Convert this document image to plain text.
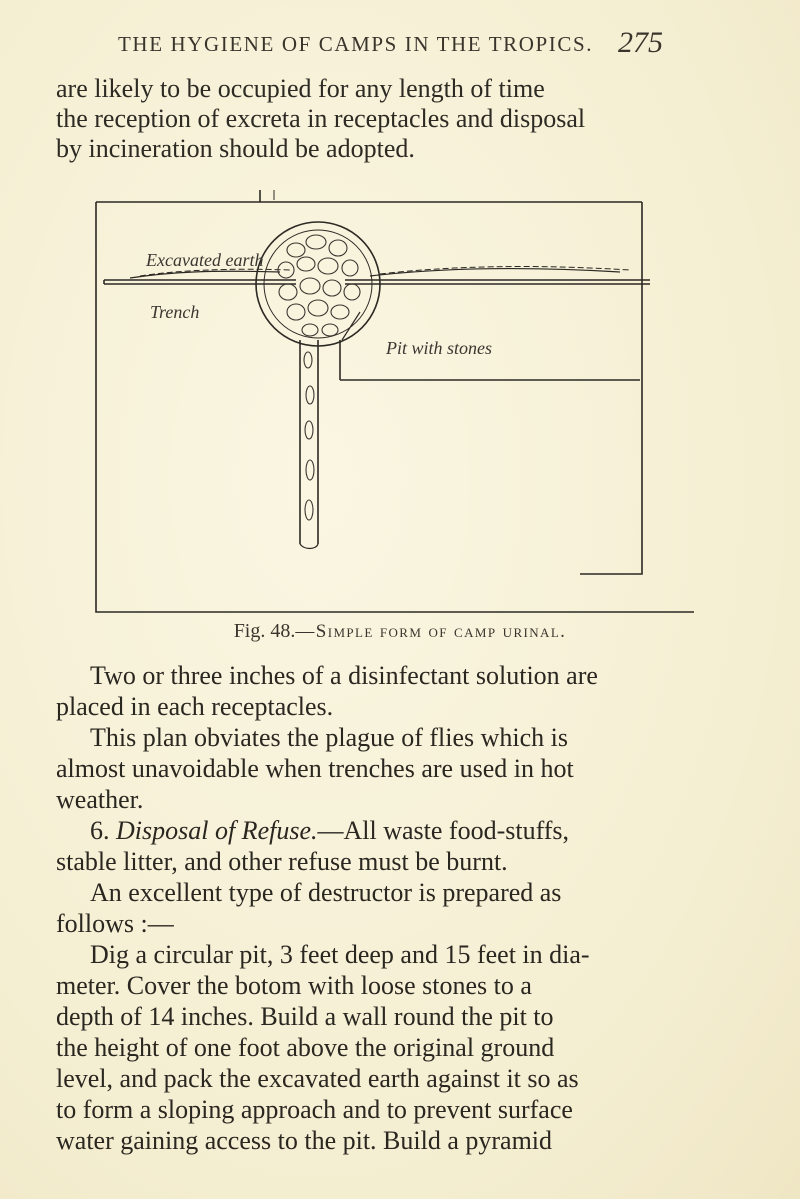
THE HYGIENE OF CAMPS IN THE TROPICS. 275

are likely to be occupied for any length of time
the reception of excreta in receptacles and disposal
by incineration should be adopted.

Excavated earth
Trench
Pit with stones
Fig. 48.—Simple form of camp urinal.
Two or three inches of a disinfectant solution are
placed in each receptacles.
This plan obviates the plague of flies which is
almost unavoidable when trenches are used in hot
weather.
6. Disposal of Refuse.—All waste food-stuffs,
stable litter, and other refuse must be burnt.
An excellent type of destructor is prepared as
follows :—
Dig a circular pit, 3 feet deep and 15 feet in dia-
meter. Cover the botom with loose stones to a
depth of 14 inches. Build a wall round the pit to
the height of one foot above the original ground
level, and pack the excavated earth against it so as
to form a sloping approach and to prevent surface
water gaining access to the pit. Build a pyramid
